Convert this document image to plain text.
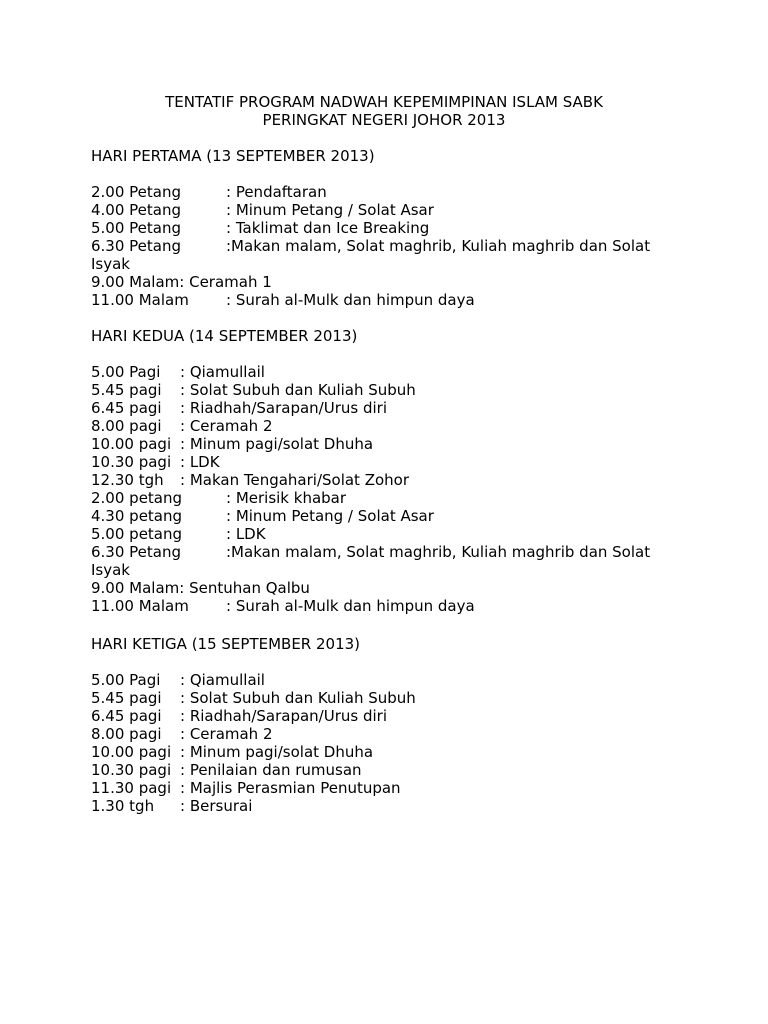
TENTATIF PROGRAM NADWAH KEPEMIMPINAN ISLAM SABK
PERINGKAT NEGERI JOHOR 2013
HARI PERTAMA (13 SEPTEMBER 2013)
2.00 Petang	: Pendaftaran
4.00 Petang	: Minum Petang / Solat Asar
5.00 Petang	: Taklimat dan Ice Breaking
6.30 Petang	:Makan malam, Solat maghrib, Kuliah maghrib dan Solat
Isyak
9.00 Malam: Ceramah 1
11.00 Malam : Surah al-Mulk dan himpun daya
HARI KEDUA (14 SEPTEMBER 2013)
5.00 Pagi : Qiamullail
5.45 pagi : Solat Subuh dan Kuliah Subuh
6.45 pagi : Riadhah/Sarapan/Urus diri
8.00 pagi : Ceramah 2
10.00 pagi : Minum pagi/solat Dhuha
10.30 pagi : LDK
12.30 tgh : Makan Tengahari/Solat Zohor
2.00 petang	: Merisik khabar
4.30 petang	: Minum Petang / Solat Asar
5.00 petang	: LDK
6.30 Petang	:Makan malam, Solat maghrib, Kuliah maghrib dan Solat
Isyak
9.00 Malam: Sentuhan Qalbu
11.00 Malam : Surah al-Mulk dan himpun daya
HARI KETIGA (15 SEPTEMBER 2013)
5.00 Pagi : Qiamullail
5.45 pagi : Solat Subuh dan Kuliah Subuh
6.45 pagi : Riadhah/Sarapan/Urus diri
8.00 pagi : Ceramah 2
10.00 pagi : Minum pagi/solat Dhuha
10.30 pagi : Penilaian dan rumusan
11.30 pagi : Majlis Perasmian Penutupan
1.30 tgh : Bersurai
